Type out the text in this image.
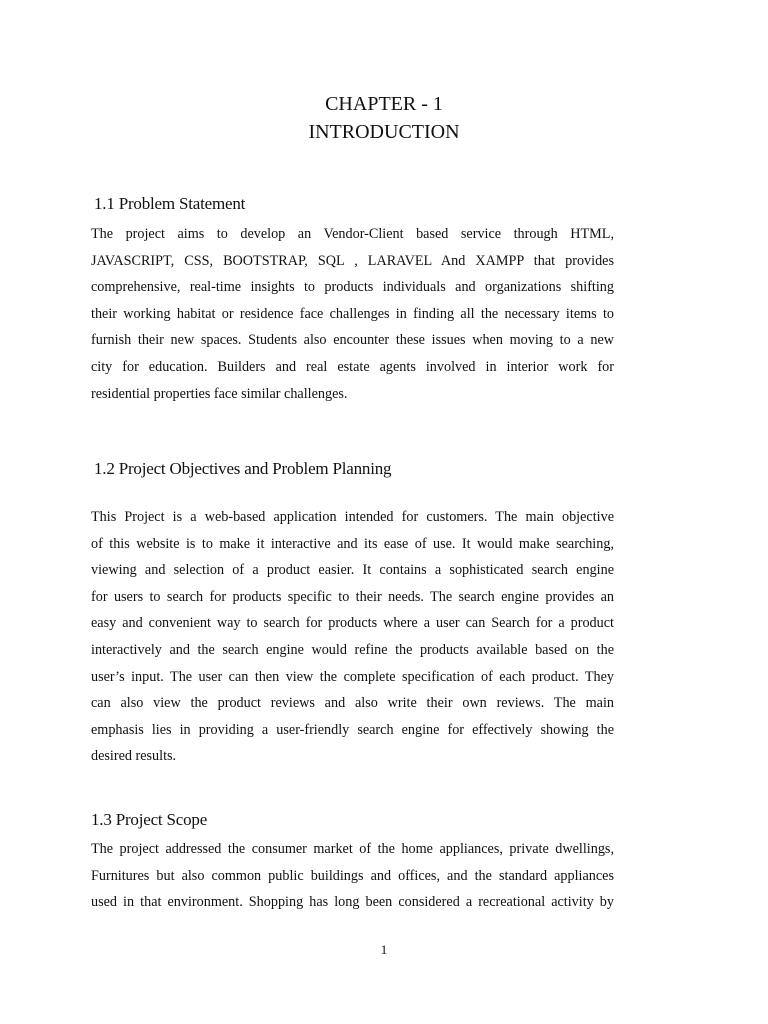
CHAPTER - 1
INTRODUCTION
1.1 Problem Statement
The project aims to develop an Vendor-Client based service through HTML,
JAVASCRIPT, CSS, BOOTSTRAP, SQL , LARAVEL And XAMPP that provides
comprehensive, real-time insights to products individuals and organizations shifting
their working habitat or residence face challenges in finding all the necessary items to
furnish their new spaces. Students also encounter these issues when moving to a new
city for education. Builders and real estate agents involved in interior work for
residential properties face similar challenges.
1.2 Project Objectives and Problem Planning
This Project is a web-based application intended for customers. The main objective
of this website is to make it interactive and its ease of use. It would make searching,
viewing and selection of a product easier. It contains a sophisticated search engine
for users to search for products specific to their needs. The search engine provides an
easy and convenient way to search for products where a user can Search for a product
interactively and the search engine would refine the products available based on the
user’s input. The user can then view the complete specification of each product. They
can also view the product reviews and also write their own reviews. The main
emphasis lies in providing a user-friendly search engine for effectively showing the
desired results.
1.3 Project Scope
The project addressed the consumer market of the home appliances, private dwellings,
Furnitures but also common public buildings and offices, and the standard appliances
used in that environment. Shopping has long been considered a recreational activity by
1
